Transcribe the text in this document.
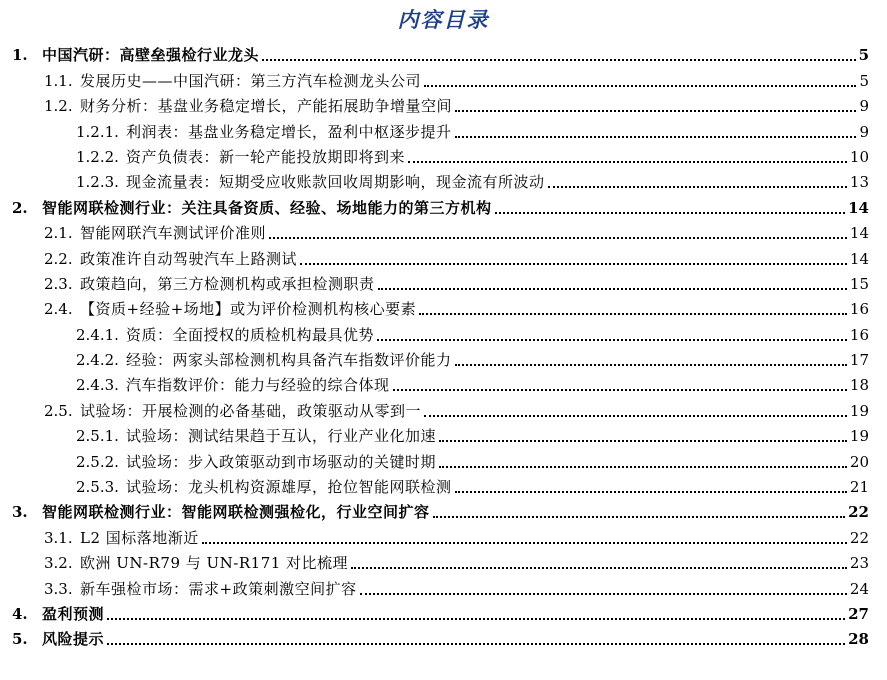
内容目录
1. 中国汽研：高壁垒强检行业龙头	5
1.1. 发展历史——中国汽研：第三方汽车检测龙头公司	5
1.2. 财务分析：基盘业务稳定增长，产能拓展助争增量空间	9
1.2.1. 利润表：基盘业务稳定增长，盈利中枢逐步提升	9
1.2.2. 资产负债表：新一轮产能投放期即将到来	10
1.2.3. 现金流量表：短期受应收账款回收周期影响，现金流有所波动	13
2. 智能网联检测行业：关注具备资质、经验、场地能力的第三方机构	14
2.1. 智能网联汽车测试评价准则	14
2.2. 政策准许自动驾驶汽车上路测试	14
2.3. 政策趋向，第三方检测机构或承担检测职责	15
2.4. 【资质+经验+场地】或为评价检测机构核心要素	16
2.4.1. 资质：全面授权的质检机构最具优势	16
2.4.2. 经验：两家头部检测机构具备汽车指数评价能力	17
2.4.3. 汽车指数评价：能力与经验的综合体现	18
2.5. 试验场：开展检测的必备基础，政策驱动从零到一	19
2.5.1. 试验场：测试结果趋于互认，行业产业化加速	19
2.5.2. 试验场：步入政策驱动到市场驱动的关键时期	20
2.5.3. 试验场：龙头机构资源雄厚，抢位智能网联检测	21
3. 智能网联检测行业：智能网联检测强检化，行业空间扩容	22
3.1. L2 国标落地渐近	22
3.2. 欧洲 UN-R79 与 UN-R171 对比梳理	23
3.3. 新车强检市场：需求+政策刺激空间扩容	24
4. 盈利预测	27
5. 风险提示	28
